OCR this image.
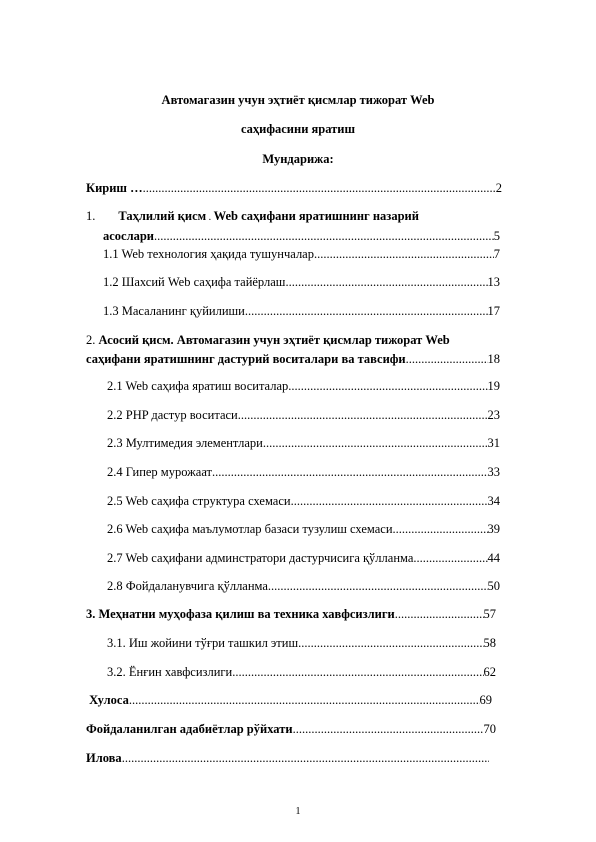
Автомагазин учун эҳтиёт қисмлар тижорат Web
саҳифасини яратиш
Мундарижа:
Кириш … .....	2
1. Таҳлилий қисм . Web саҳифани яратишнинг назарий
асослари .....	5
1.1 Web технология ҳақида тушунчалар .....	7
1.2 Шахсий Web саҳифа тайёрлаш .....	13
1.3 Масаланинг қуйилиши .....	17
2. Асосий қисм. Автомагазин учун эҳтиёт қисмлар тижорат Web
саҳифани яратишнинг дастурий воситалари ва тавсифи .....	18
2.1 Web саҳифа яратиш воситалар .....	19
2.2 PHP дастур воситаси .....	23
2.3 Мултимедия элементлари .....	31
2.4 Гипер мурожаат .....	33
2.5 Web саҳифа структура схемаси .....	34
2.6 Web саҳифа маълумотлар базаси тузулиш схемаси .....	39
2.7 Web саҳифани админстратори дастурчисига қўлланма .....	44
2.8 Фойдаланувчига қўлланма .....	50
3. Меҳнатни муҳофаза қилиш ва техника хавфсизлиги .....	57
3.1. Иш жойини тўғри ташкил этиш .....	58
3.2. Ёнғин хавфсизлиги .....	62
Хулоса .....	69
Фойдаланилган адабиётлар рўйхати .....	70
Илова
.....
1
